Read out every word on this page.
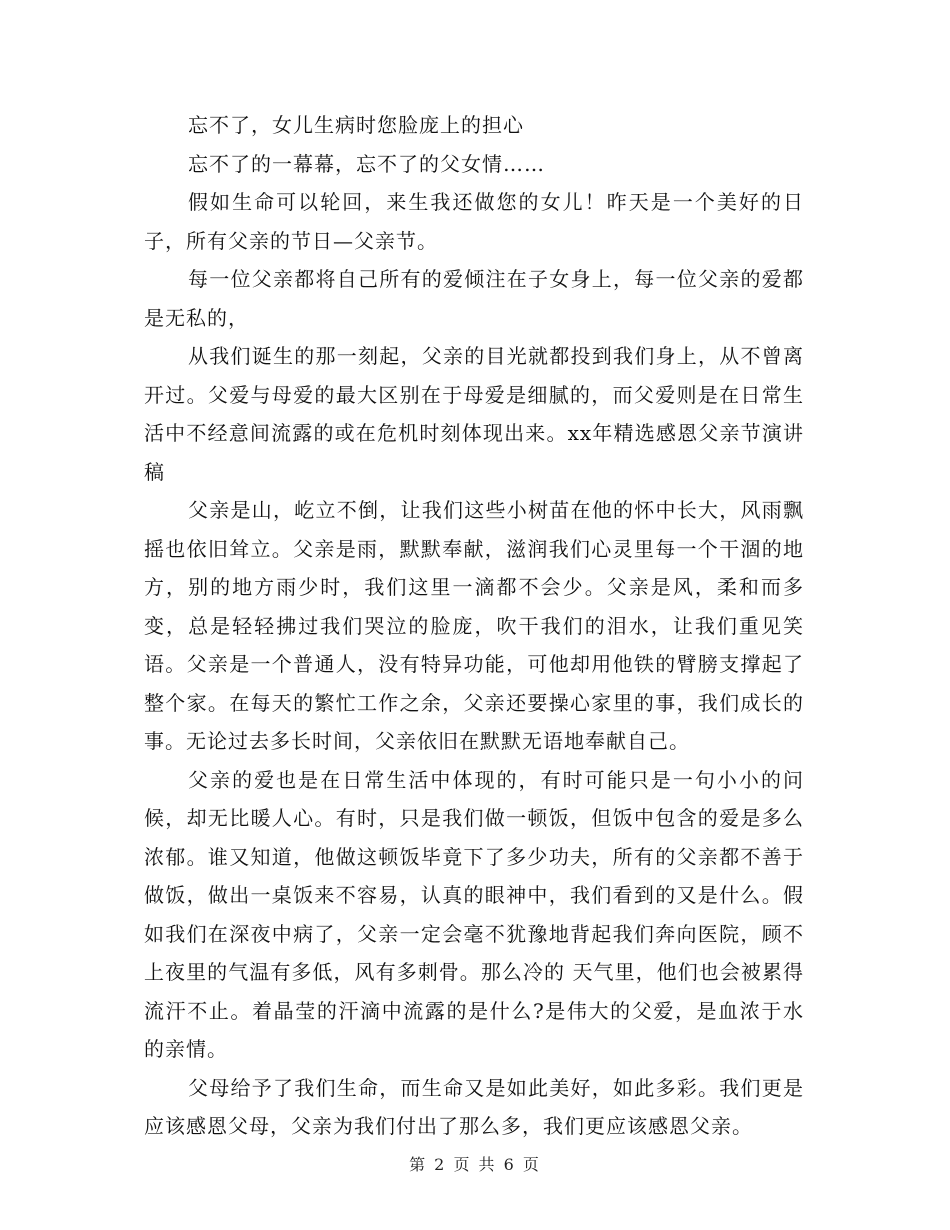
忘不了，女儿生病时您脸庞上的担心

忘不了的一幕幕，忘不了的父女情……

假如生命可以轮回，来生我还做您的女儿！昨天是一个美好的日子，所有父亲的节日—父亲节。

每一位父亲都将自己所有的爱倾注在子女身上，每一位父亲的爱都是无私的，

从我们诞生的那一刻起，父亲的目光就都投到我们身上，从不曾离开过。父爱与母爱的最大区别在于母爱是细腻的，而父爱则是在日常生活中不经意间流露的或在危机时刻体现出来。xx年精选感恩父亲节演讲稿

父亲是山，屹立不倒，让我们这些小树苗在他的怀中长大，风雨飘摇也依旧耸立。父亲是雨，默默奉献，滋润我们心灵里每一个干涸的地方，别的地方雨少时，我们这里一滴都不会少。父亲是风，柔和而多变，总是轻轻拂过我们哭泣的脸庞，吹干我们的泪水，让我们重见笑语。父亲是一个普通人，没有特异功能，可他却用他铁的臂膀支撑起了整个家。在每天的繁忙工作之余，父亲还要操心家里的事，我们成长的事。无论过去多长时间，父亲依旧在默默无语地奉献自己。

父亲的爱也是在日常生活中体现的，有时可能只是一句小小的问候，却无比暖人心。有时，只是我们做一顿饭，但饭中包含的爱是多么浓郁。谁又知道，他做这顿饭毕竟下了多少功夫，所有的父亲都不善于做饭，做出一桌饭来不容易，认真的眼神中，我们看到的又是什么。假如我们在深夜中病了，父亲一定会毫不犹豫地背起我们奔向医院，顾不上夜里的气温有多低，风有多刺骨。那么冷的 天气里，他们也会被累得流汗不止。着晶莹的汗滴中流露的是什么?是伟大的父爱，是血浓于水的亲情。

父母给予了我们生命，而生命又是如此美好，如此多彩。我们更是应该感恩父母，父亲为我们付出了那么多，我们更应该感恩父亲。

第 2 页 共 6 页
